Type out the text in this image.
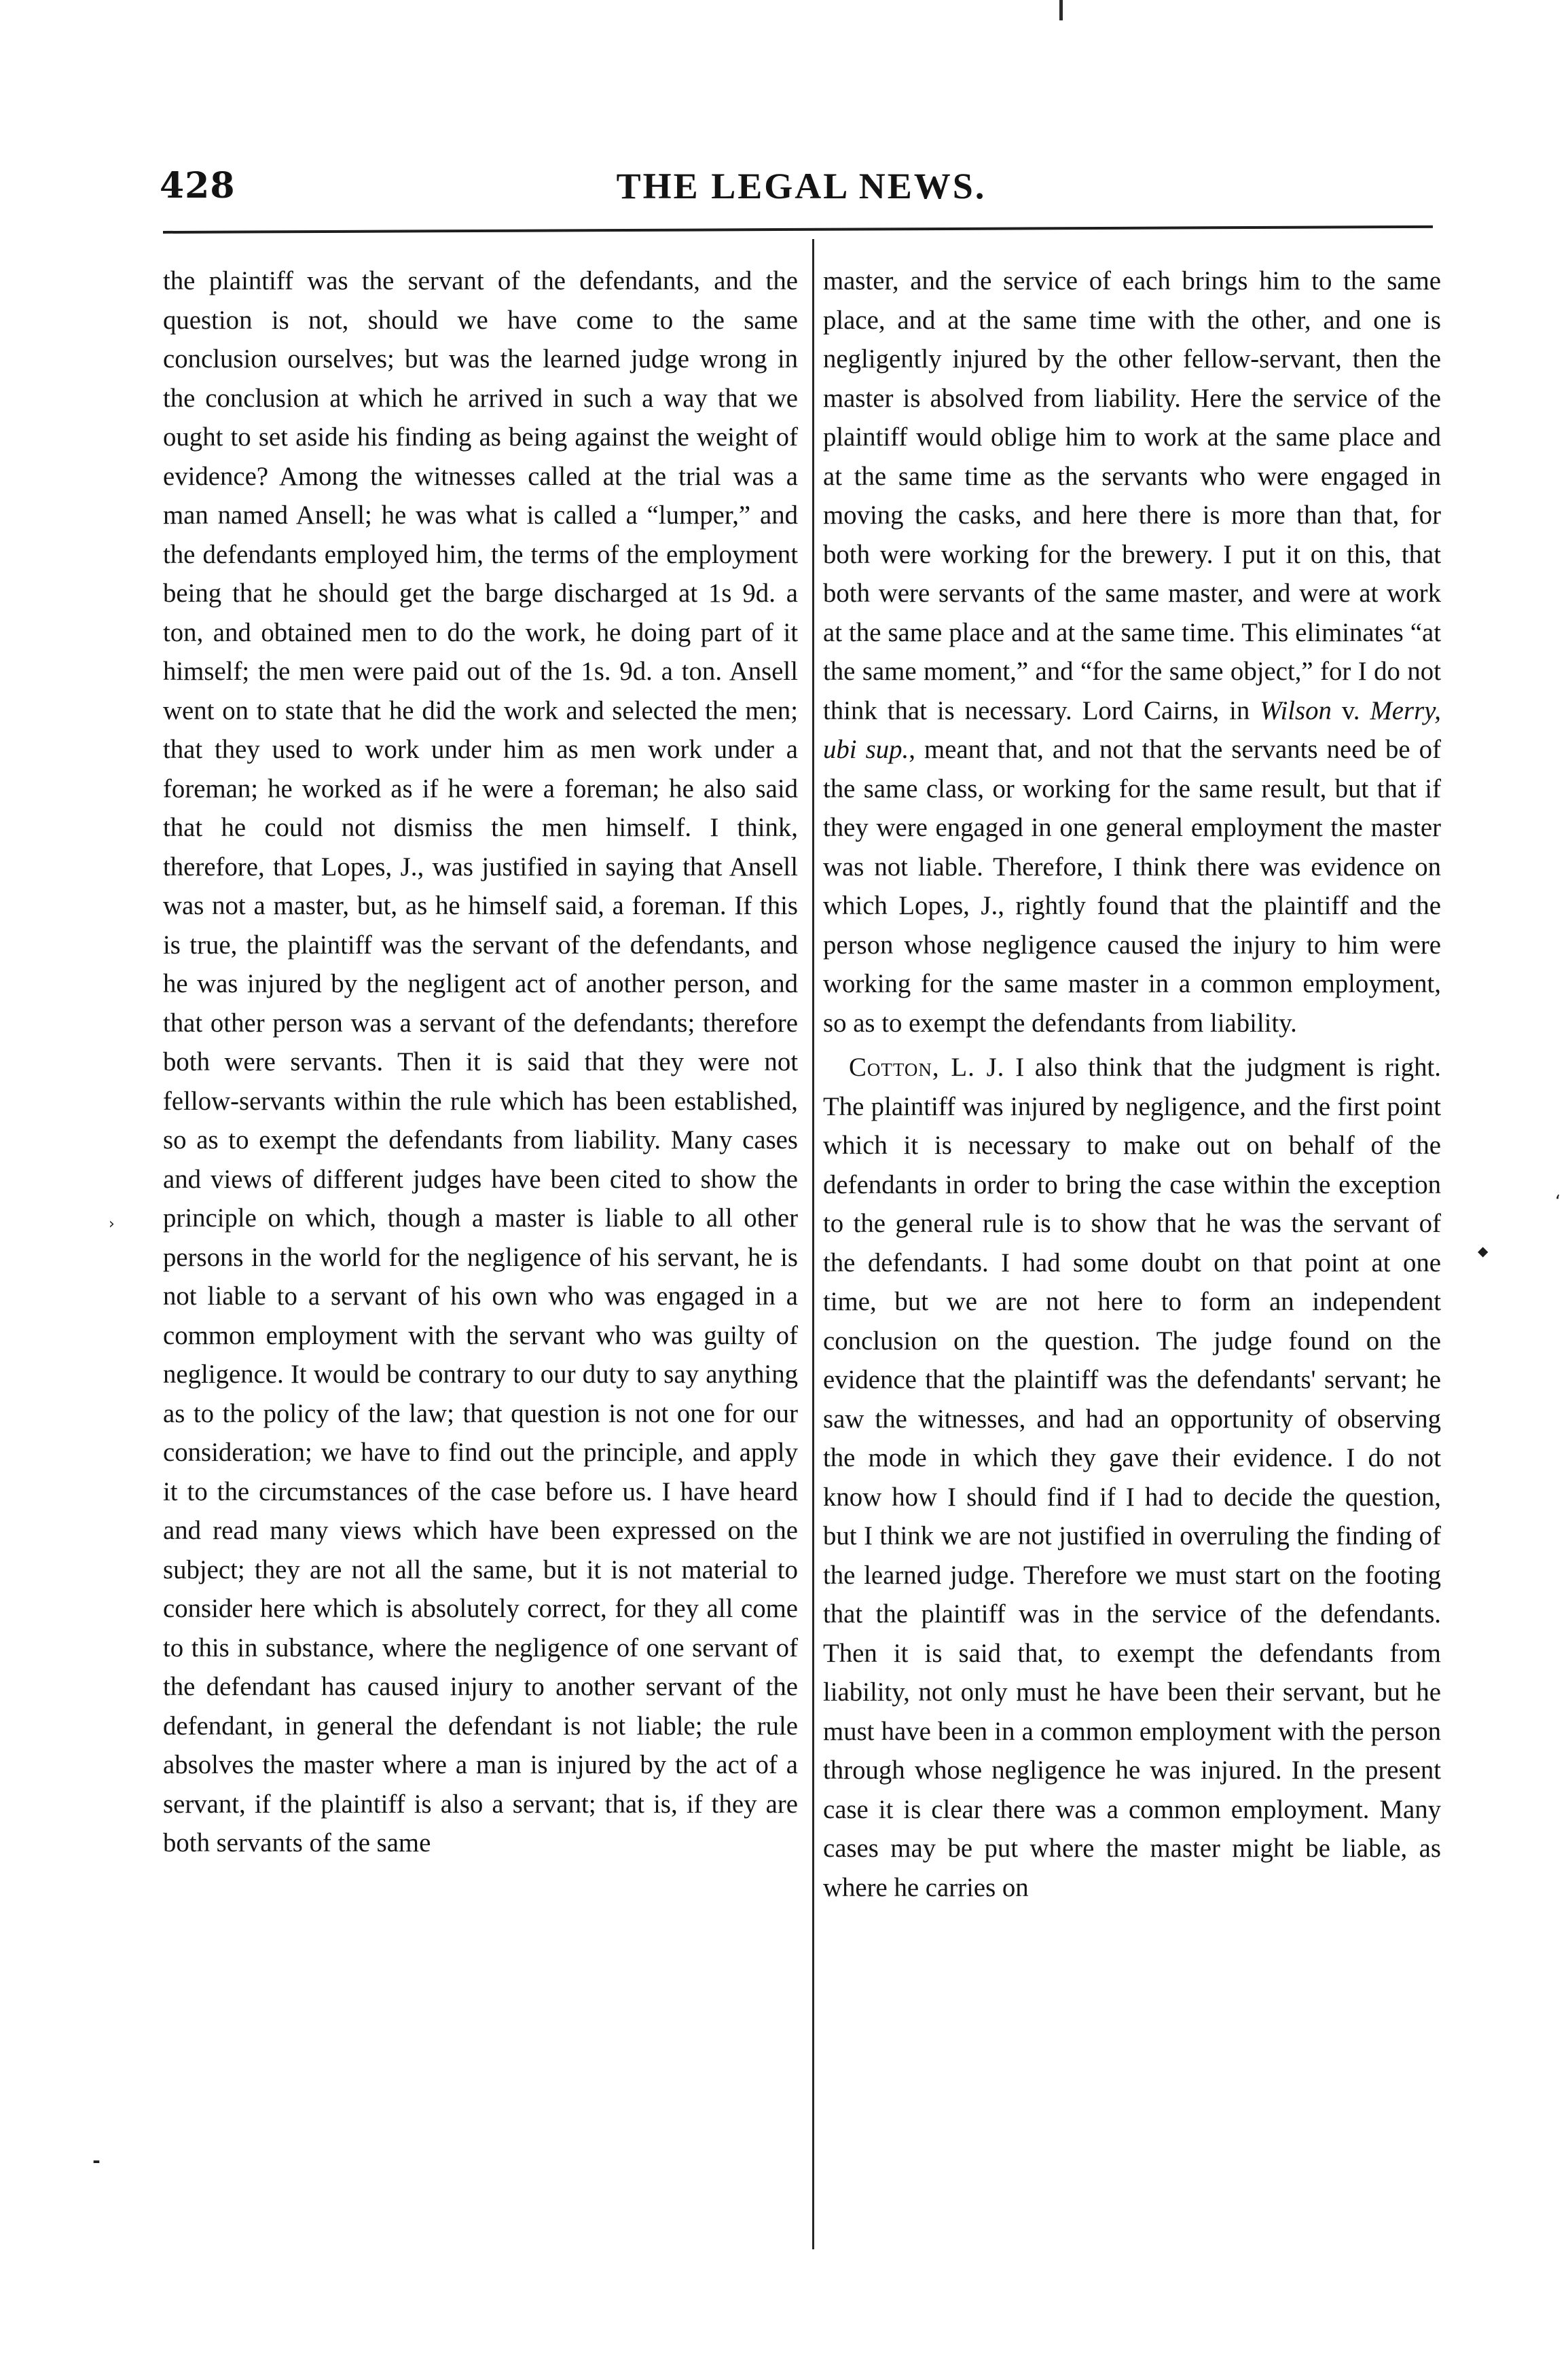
428	THE LEGAL NEWS.

the plaintiff was the servant of the defendants, and the question is not, should we have come to the same conclusion ourselves; but was the learned judge wrong in the conclusion at which he arrived in such a way that we ought to set aside his finding as being against the weight of evidence? Among the witnesses called at the trial was a man named Ansell; he was what is called a “lumper,” and the defendants employed him, the terms of the employment being that he should get the barge discharged at 1s 9d. a ton, and obtained men to do the work, he doing part of it himself; the men were paid out of the 1s. 9d. a ton. Ansell went on to state that he did the work and selected the men; that they used to work under him as men work under a foreman; he worked as if he were a foreman; he also said that he could not dismiss the men himself. I think, therefore, that Lopes, J., was justified in saying that Ansell was not a master, but, as he himself said, a foreman. If this is true, the plaintiff was the servant of the defendants, and he was injured by the negligent act of another person, and that other person was a servant of the defendants; therefore both were servants. Then it is said that they were not fellow-servants within the rule which has been established, so as to exempt the defendants from liability. Many cases and views of different judges have been cited to show the principle on which, though a master is liable to all other persons in the world for the negligence of his servant, he is not liable to a servant of his own who was engaged in a common employment with the servant who was guilty of negligence. It would be contrary to our duty to say anything as to the policy of the law; that question is not one for our consideration; we have to find out the principle, and apply it to the circumstances of the case before us. I have heard and read many views which have been expressed on the subject; they are not all the same, but it is not material to consider here which is absolutely correct, for they all come to this in substance, where the negligence of one servant of the defendant has caused injury to another servant of the defendant, in general the defendant is not liable; the rule absolves the master where a man is injured by the act of a servant, if the plaintiff is also a servant; that is, if they are both servants of the same

master, and the service of each brings him to the same place, and at the same time with the other, and one is negligently injured by the other fellow-servant, then the master is absolved from liability. Here the service of the plaintiff would oblige him to work at the same place and at the same time as the servants who were engaged in moving the casks, and here there is more than that, for both were working for the brewery. I put it on this, that both were servants of the same master, and were at work at the same place and at the same time. This eliminates “at the same moment,” and “for the same object,” for I do not think that is necessary. Lord Cairns, in Wilson v. Merry, ubi sup., meant that, and not that the servants need be of the same class, or working for the same result, but that if they were engaged in one general employment the master was not liable. Therefore, I think there was evidence on which Lopes, J., rightly found that the plaintiff and the person whose negligence caused the injury to him were working for the same master in a common employment, so as to exempt the defendants from liability.

Cotton, L. J. I also think that the judgment is right. The plaintiff was injured by negligence, and the first point which it is necessary to make out on behalf of the defendants in order to bring the case within the exception to the general rule is to show that he was the servant of the defendants. I had some doubt on that point at one time, but we are not here to form an independent conclusion on the question. The judge found on the evidence that the plaintiff was the defendants' servant; he saw the witnesses, and had an opportunity of observing the mode in which they gave their evidence. I do not know how I should find if I had to decide the question, but I think we are not justified in overruling the finding of the learned judge. Therefore we must start on the footing that the plaintiff was in the service of the defendants. Then it is said that, to exempt the defendants from liability, not only must he have been their servant, but he must have been in a common employment with the person through whose negligence he was injured. In the present case it is clear there was a common employment. Many cases may be put where the master might be liable, as where he carries on

›
⁃
‘
◆
